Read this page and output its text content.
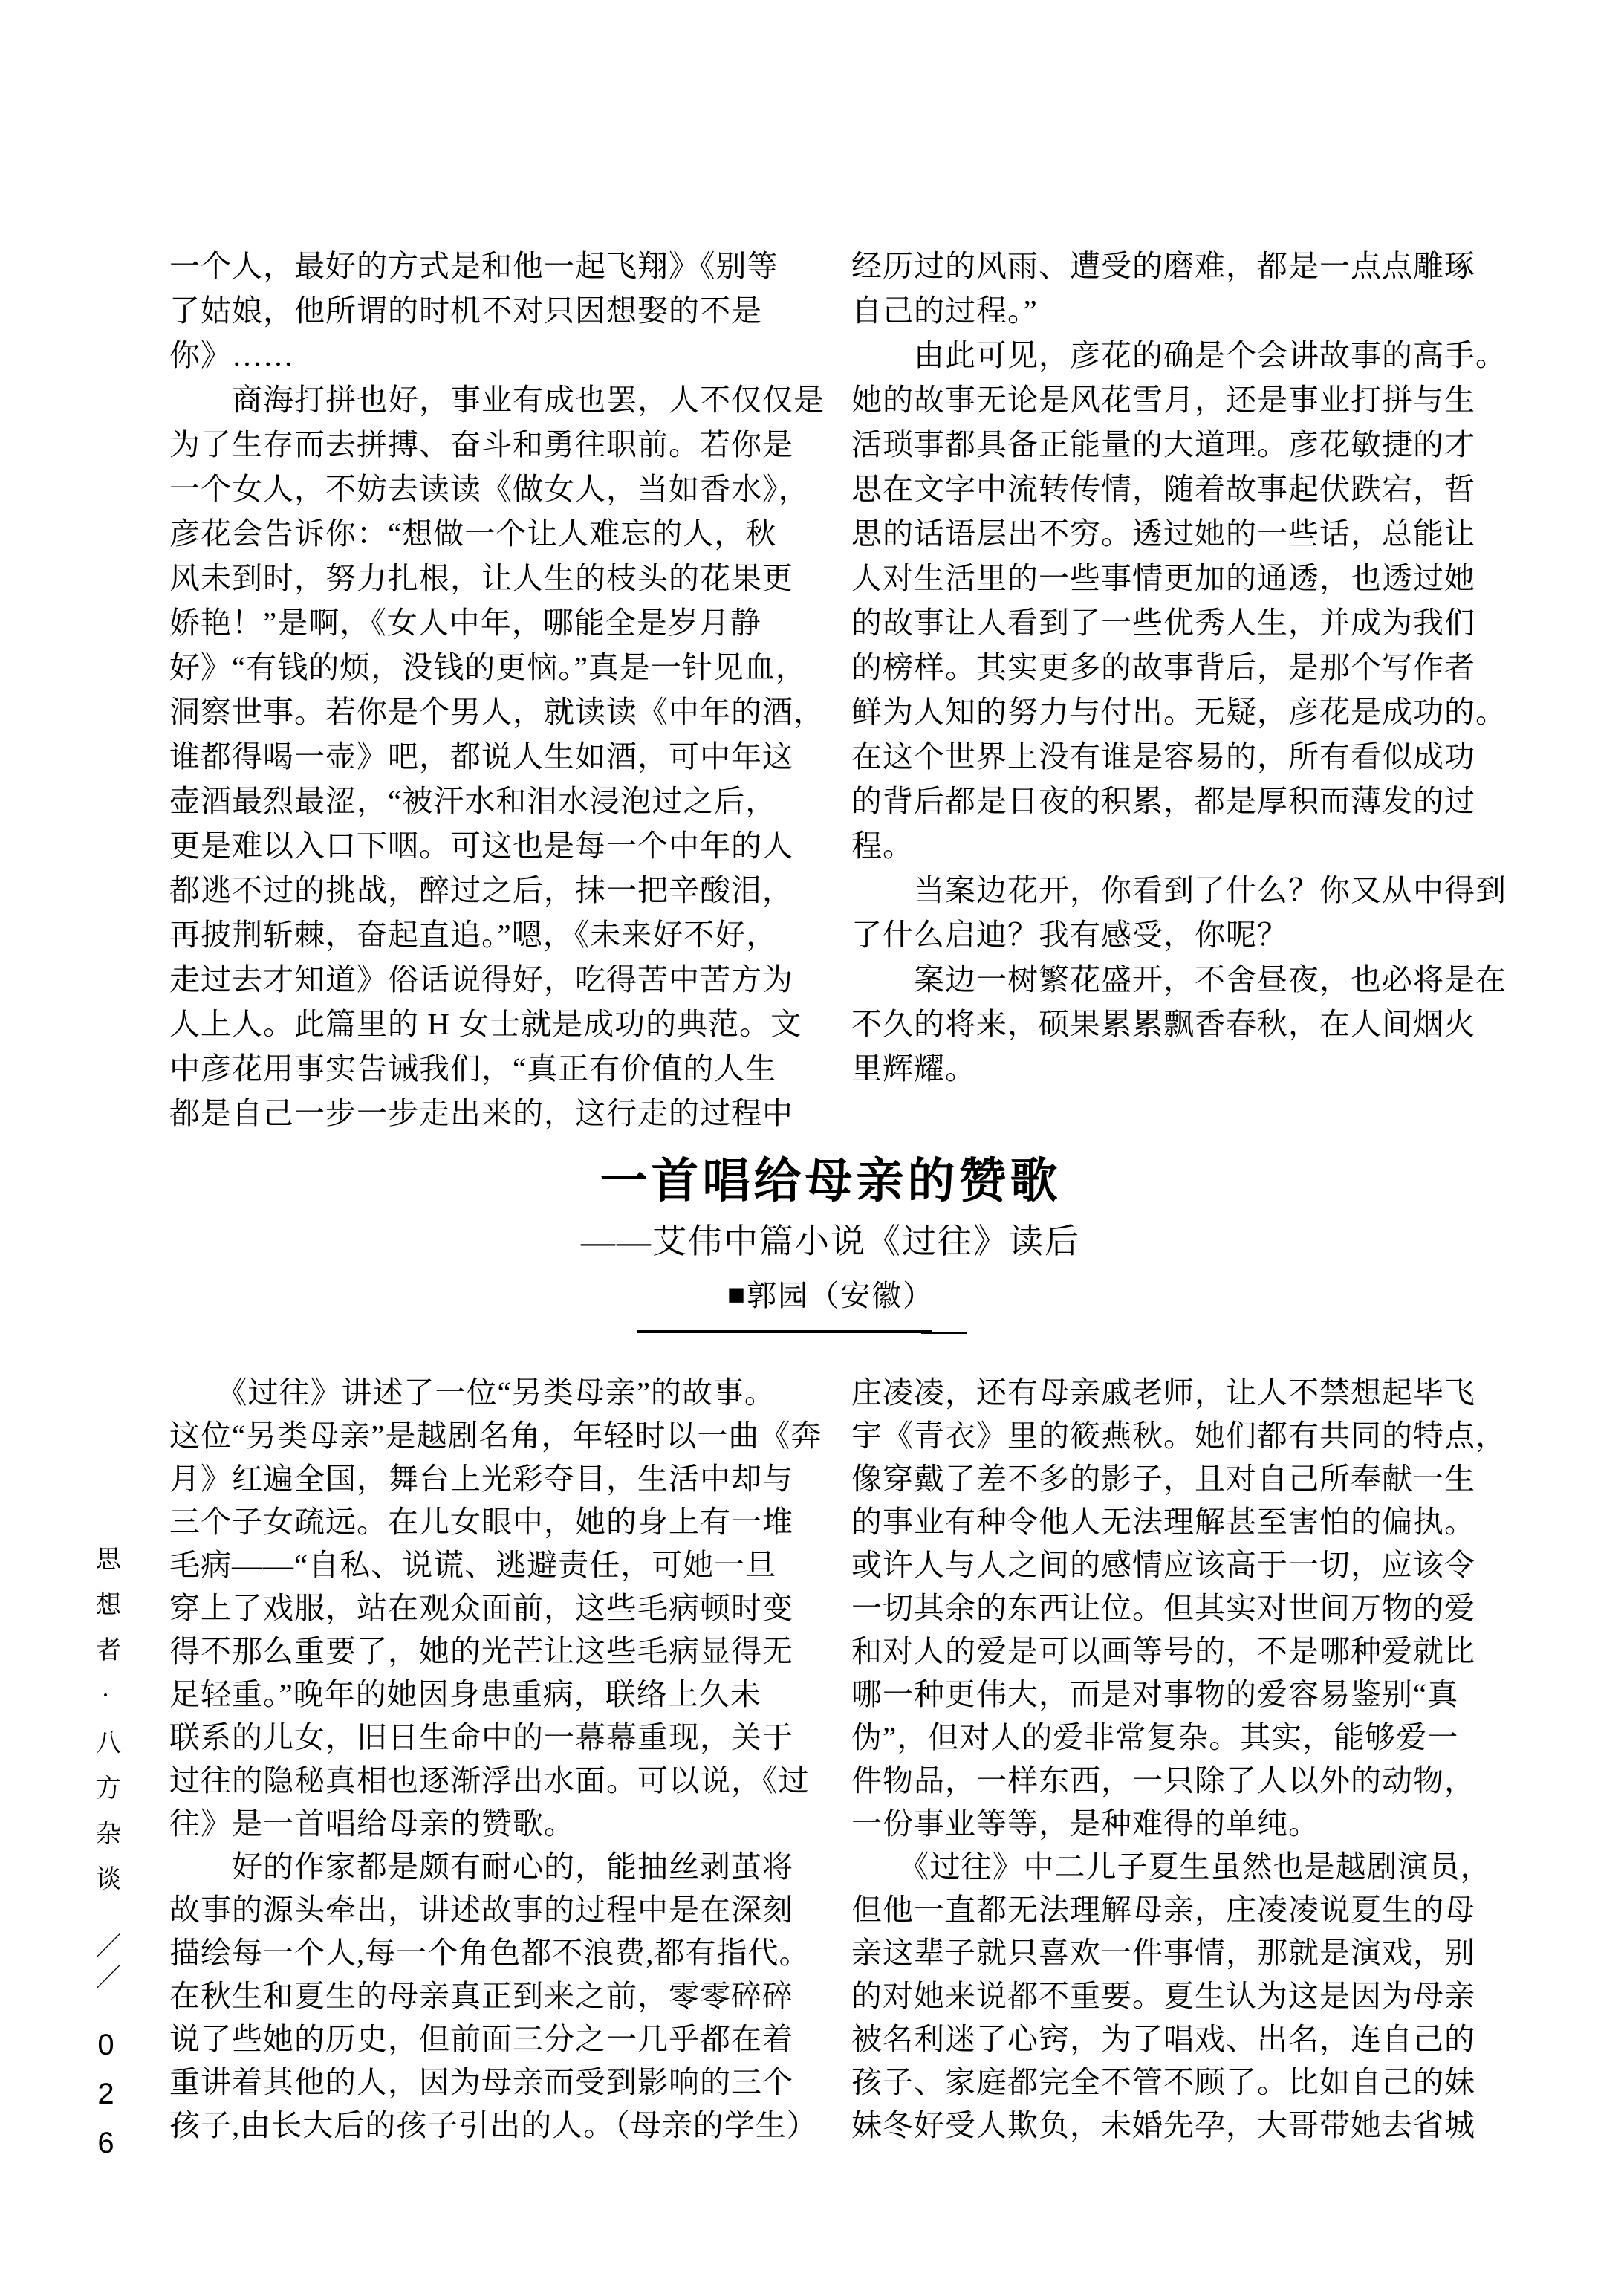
思想者·八方杂谈
／／
026
一个人，最好的方式是和他一起飞翔》《别等
了姑娘，他所谓的时机不对只因想娶的不是
你》……
　　商海打拼也好，事业有成也罢，人不仅仅是
为了生存而去拼搏、奋斗和勇往职前。若你是
一个女人，不妨去读读《做女人，当如香水》，
彦花会告诉你：“想做一个让人难忘的人，秋
风未到时，努力扎根，让人生的枝头的花果更
娇艳！”是啊，《女人中年，哪能全是岁月静
好》“有钱的烦，没钱的更恼。”真是一针见血，
洞察世事。若你是个男人，就读读《中年的酒，
谁都得喝一壶》吧，都说人生如酒，可中年这
壶酒最烈最涩，“被汗水和泪水浸泡过之后，
更是难以入口下咽。可这也是每一个中年的人
都逃不过的挑战，醉过之后，抹一把辛酸泪，
再披荆斩棘，奋起直追。”嗯，《未来好不好，
走过去才知道》俗话说得好，吃得苦中苦方为
人上人。此篇里的 H 女士就是成功的典范。文
中彦花用事实告诫我们，“真正有价值的人生
都是自己一步一步走出来的，这行走的过程中
经历过的风雨、遭受的磨难，都是一点点雕琢
自己的过程。”
　　由此可见，彦花的确是个会讲故事的高手。
她的故事无论是风花雪月，还是事业打拼与生
活琐事都具备正能量的大道理。彦花敏捷的才
思在文字中流转传情，随着故事起伏跌宕，哲
思的话语层出不穷。透过她的一些话，总能让
人对生活里的一些事情更加的通透，也透过她
的故事让人看到了一些优秀人生，并成为我们
的榜样。其实更多的故事背后，是那个写作者
鲜为人知的努力与付出。无疑，彦花是成功的。
在这个世界上没有谁是容易的，所有看似成功
的背后都是日夜的积累，都是厚积而薄发的过
程。
　　当案边花开，你看到了什么？你又从中得到
了什么启迪？我有感受，你呢？
　　案边一树繁花盛开，不舍昼夜，也必将是在
不久的将来，硕果累累飘香春秋，在人间烟火
里辉耀。
一首唱给母亲的赞歌
——艾伟中篇小说《过往》读后
■郭园（安徽）
　　《过往》讲述了一位“另类母亲”的故事。
这位“另类母亲”是越剧名角，年轻时以一曲《奔
月》红遍全国，舞台上光彩夺目，生活中却与
三个子女疏远。在儿女眼中，她的身上有一堆
毛病——“自私、说谎、逃避责任，可她一旦
穿上了戏服，站在观众面前，这些毛病顿时变
得不那么重要了，她的光芒让这些毛病显得无
足轻重。”晚年的她因身患重病，联络上久未
联系的儿女，旧日生命中的一幕幕重现，关于
过往的隐秘真相也逐渐浮出水面。可以说，《过
往》是一首唱给母亲的赞歌。
　　好的作家都是颇有耐心的，能抽丝剥茧将
故事的源头牵出，讲述故事的过程中是在深刻
描绘每一个人,每一个角色都不浪费,都有指代。
在秋生和夏生的母亲真正到来之前，零零碎碎
说了些她的历史，但前面三分之一几乎都在着
重讲着其他的人，因为母亲而受到影响的三个
孩子,由长大后的孩子引出的人。（母亲的学生）
庄凌凌，还有母亲戚老师，让人不禁想起毕飞
宇《青衣》里的筱燕秋。她们都有共同的特点，
像穿戴了差不多的影子，且对自己所奉献一生
的事业有种令他人无法理解甚至害怕的偏执。
或许人与人之间的感情应该高于一切，应该令
一切其余的东西让位。但其实对世间万物的爱
和对人的爱是可以画等号的，不是哪种爱就比
哪一种更伟大，而是对事物的爱容易鉴别“真
伪”，但对人的爱非常复杂。其实，能够爱一
件物品，一样东西，一只除了人以外的动物，
一份事业等等，是种难得的单纯。
　　《过往》中二儿子夏生虽然也是越剧演员，
但他一直都无法理解母亲，庄凌凌说夏生的母
亲这辈子就只喜欢一件事情，那就是演戏，别
的对她来说都不重要。夏生认为这是因为母亲
被名利迷了心窍，为了唱戏、出名，连自己的
孩子、家庭都完全不管不顾了。比如自己的妹
妹冬好受人欺负，未婚先孕，大哥带她去省城
